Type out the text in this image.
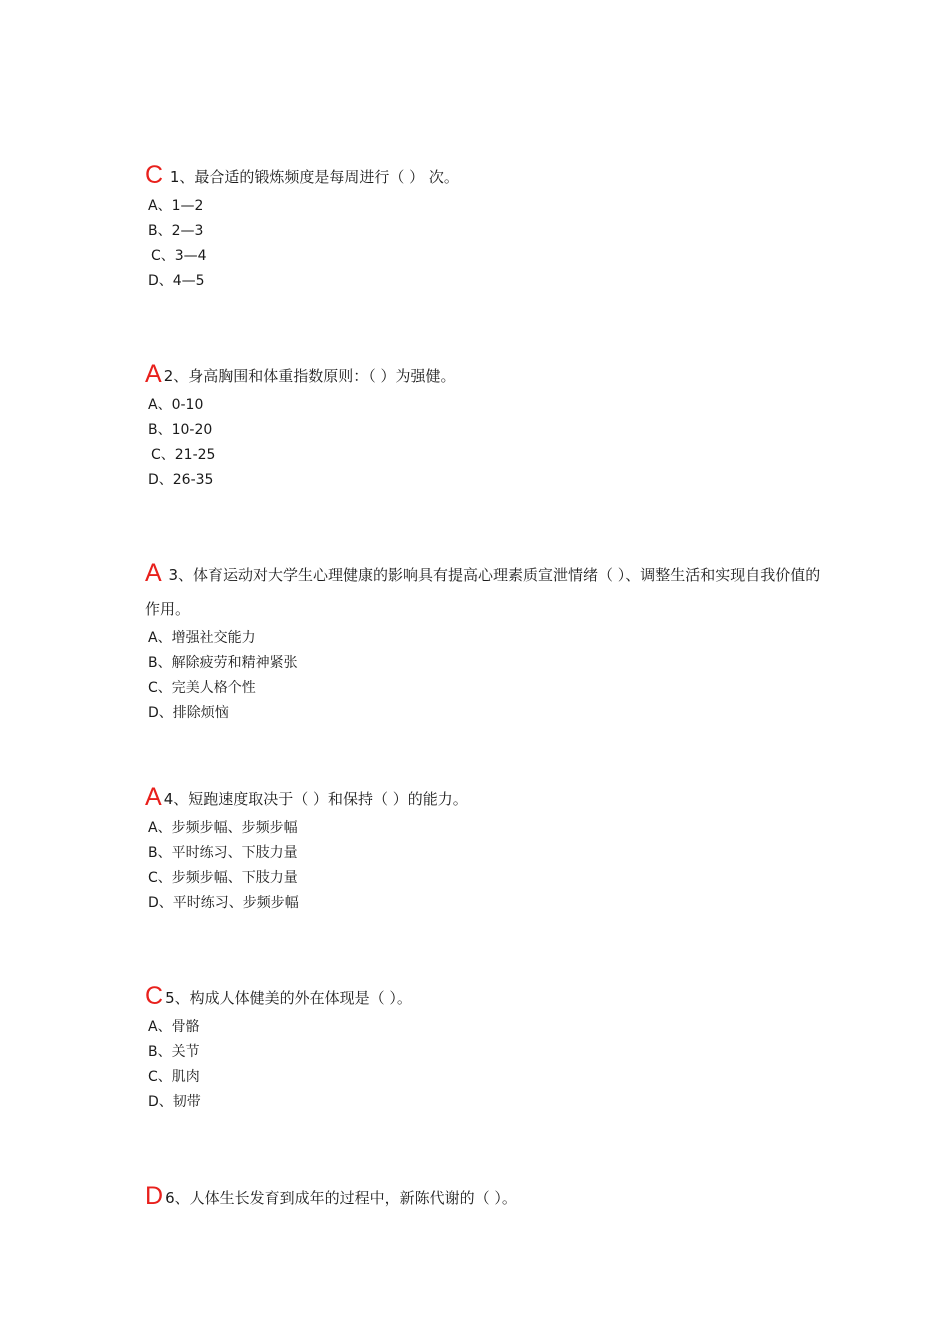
C 1、最合适的锻炼频度是每周进行（ ） 次。

A、1—2
B、2—3
C、3—4
D、4—5

A 2、身高胸围和体重指数原则：（ ）为强健。

A、0-10
B、10-20
C、21-25
D、26-35

A 3、体育运动对大学生心理健康的影响具有提高心理素质宣泄情绪（ ）、调整生活和实现自我价值的作用。

A、增强社交能力
B、解除疲劳和精神紧张
C、完美人格个性
D、排除烦恼

A 4、短跑速度取决于（ ）和保持（ ）的能力。

A、步频步幅、步频步幅
B、平时练习、下肢力量
C、步频步幅、下肢力量
D、平时练习、步频步幅

C 5、构成人体健美的外在体现是（ ）。

A、骨骼
B、关节
C、肌肉
D、韧带

D 6、人体生长发育到成年的过程中，新陈代谢的（ ）。
